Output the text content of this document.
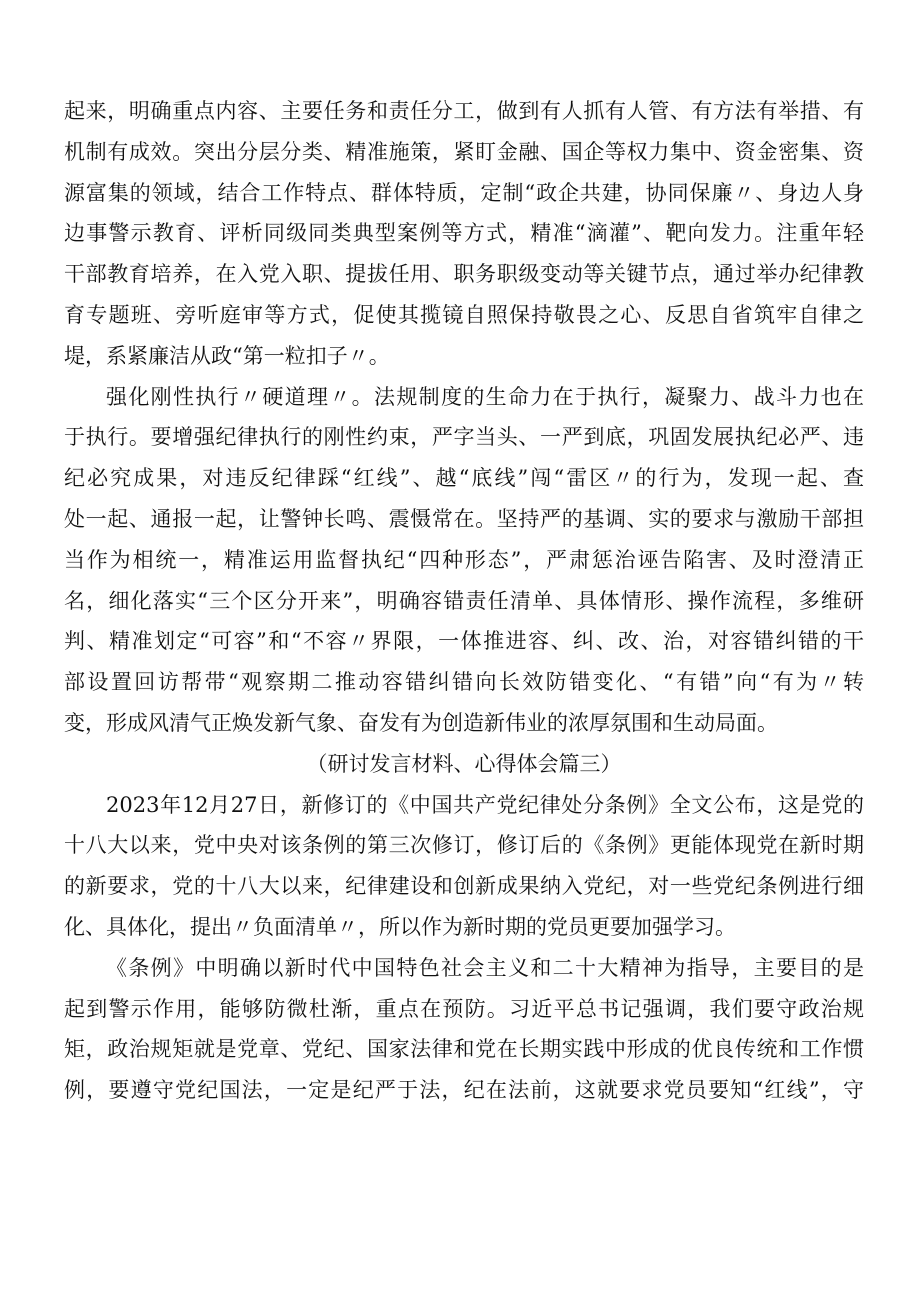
起来，明确重点内容、主要任务和责任分工，做到有人抓有人管、有方法有举措、有
机制有成效。突出分层分类、精准施策，紧盯金融、国企等权力集中、资金密集、资
源富集的领域，结合工作特点、群体特质，定制“政企共建，协同保廉〃、身边人身
边事警示教育、评析同级同类典型案例等方式，精准“滴灌”、靶向发力。注重年轻
干部教育培养，在入党入职、提拔任用、职务职级变动等关键节点，通过举办纪律教
育专题班、旁听庭审等方式，促使其揽镜自照保持敬畏之心、反思自省筑牢自律之
堤，系紧廉洁从政“第一粒扣子〃。
强化刚性执行〃硬道理〃。法规制度的生命力在于执行，凝聚力、战斗力也在
于执行。要增强纪律执行的刚性约束，严字当头、一严到底，巩固发展执纪必严、违
纪必究成果，对违反纪律踩“红线”、越“底线”闯“雷区〃的行为，发现一起、查
处一起、通报一起，让警钟长鸣、震慑常在。坚持严的基调、实的要求与激励干部担
当作为相统一，精准运用监督执纪“四种形态”，严肃惩治诬告陷害、及时澄清正
名，细化落实“三个区分开来”，明确容错责任清单、具体情形、操作流程，多维研
判、精准划定“可容”和“不容〃界限，一体推进容、纠、改、治，对容错纠错的干
部设置回访帮带“观察期二推动容错纠错向长效防错变化、“有错”向“有为〃转
变，形成风清气正焕发新气象、奋发有为创造新伟业的浓厚氛围和生动局面。
（研讨发言材料、心得体会篇三）
2023年12月27日，新修订的《中国共产党纪律处分条例》全文公布，这是党的
十八大以来，党中央对该条例的第三次修订，修订后的《条例》更能体现党在新时期
的新要求，党的十八大以来，纪律建设和创新成果纳入党纪，对一些党纪条例进行细
化、具体化，提出〃负面清单〃，所以作为新时期的党员更要加强学习。
《条例》中明确以新时代中国特色社会主义和二十大精神为指导，主要目的是
起到警示作用，能够防微杜渐，重点在预防。习近平总书记强调，我们要守政治规
矩，政治规矩就是党章、党纪、国家法律和党在长期实践中形成的优良传统和工作惯
例，要遵守党纪国法，一定是纪严于法，纪在法前，这就要求党员要知“红线”，守
